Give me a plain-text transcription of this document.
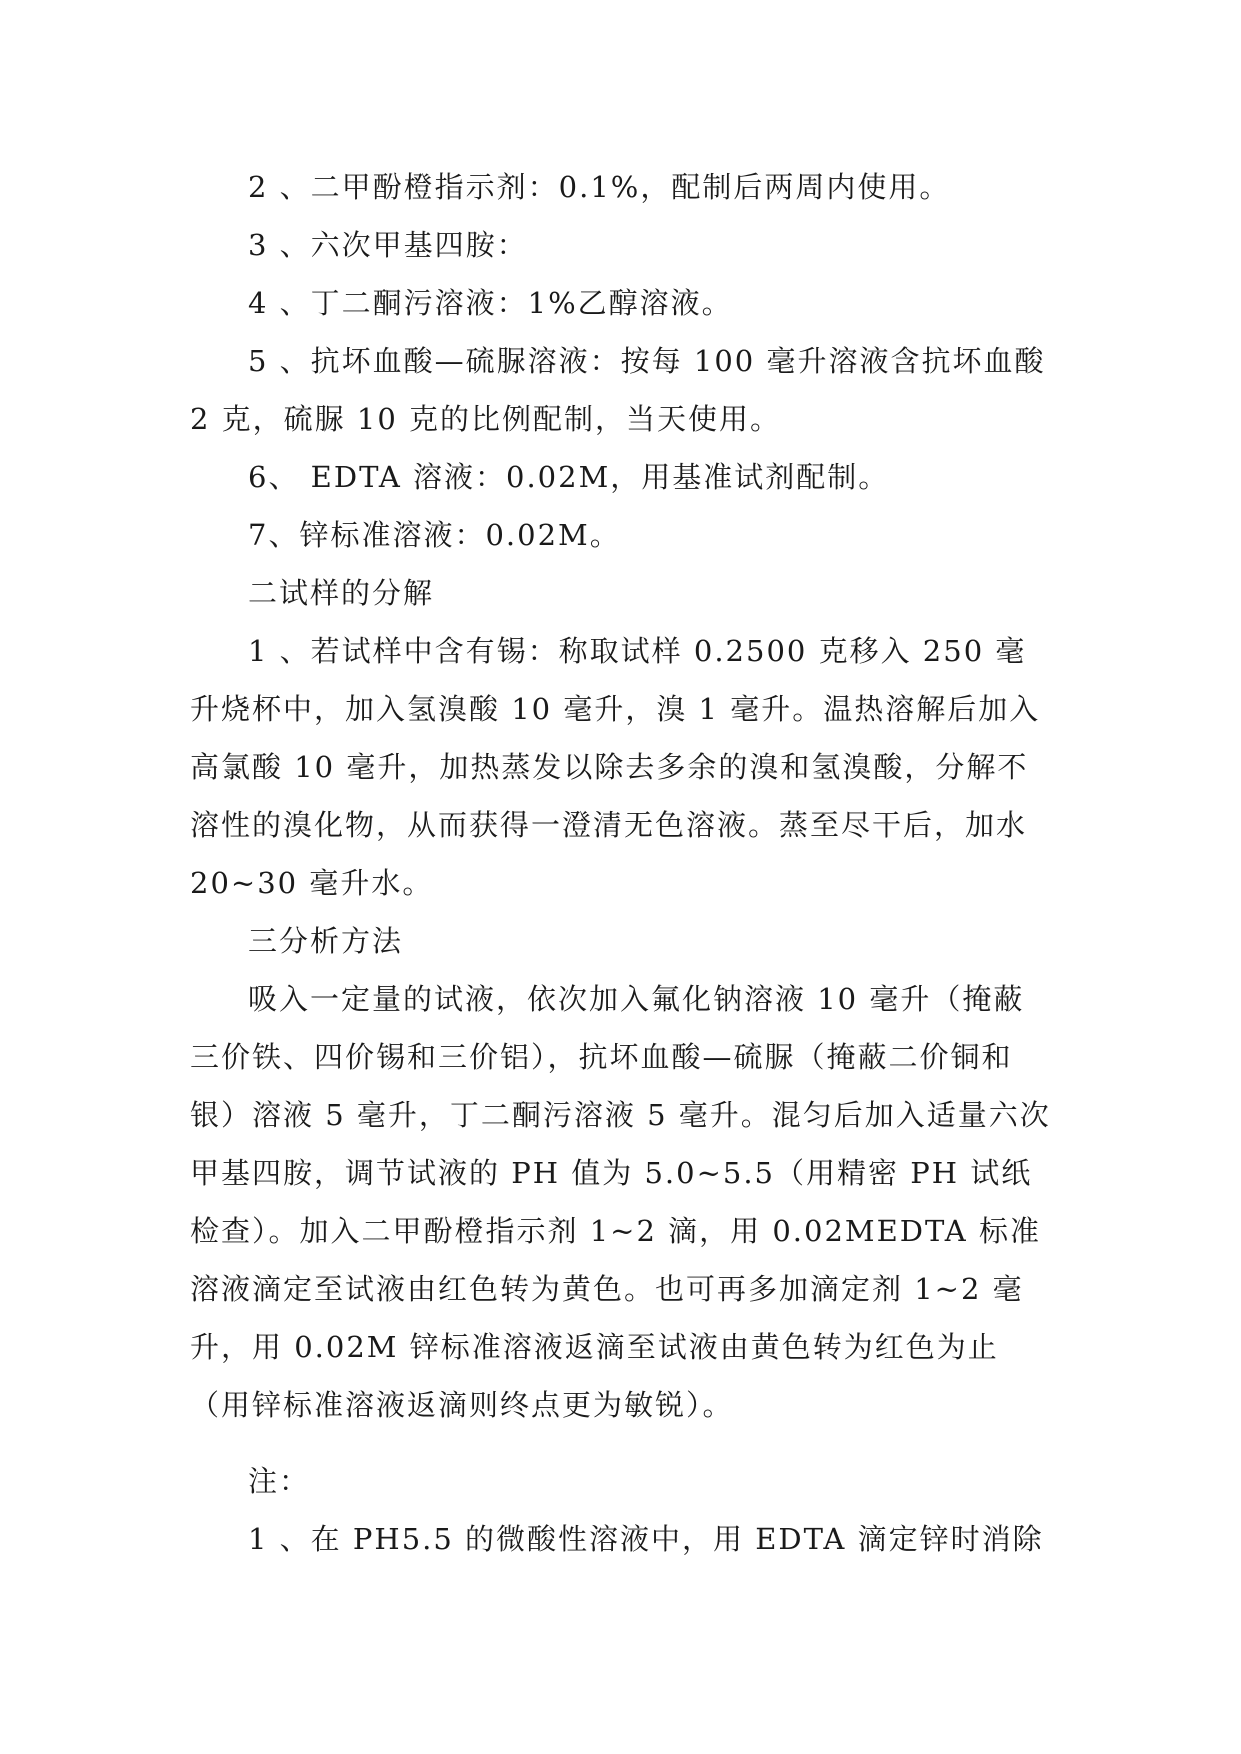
2 、二甲酚橙指示剂：0.1%，配制后两周内使用。

3 、六次甲基四胺：

4 、丁二酮污溶液：1%乙醇溶液。

5 、抗坏血酸—硫脲溶液：按每 100 毫升溶液含抗坏血酸 2 克，硫脲 10 克的比例配制，当天使用。

6、 EDTA 溶液：0.02M，用基准试剂配制。

7、锌标准溶液：0.02M。

二试样的分解

1 、若试样中含有锡：称取试样 0.2500 克移入 250 毫升烧杯中，加入氢溴酸 10 毫升，溴 1 毫升。温热溶解后加入高氯酸 10 毫升，加热蒸发以除去多余的溴和氢溴酸，分解不溶性的溴化物，从而获得一澄清无色溶液。蒸至尽干后，加水 20~30 毫升水。

三分析方法

吸入一定量的试液，依次加入氟化钠溶液 10 毫升（掩蔽三价铁、四价锡和三价铝），抗坏血酸—硫脲（掩蔽二价铜和银）溶液 5 毫升，丁二酮污溶液 5 毫升。混匀后加入适量六次甲基四胺，调节试液的 PH 值为 5.0~5.5（用精密 PH 试纸检查）。加入二甲酚橙指示剂 1~2 滴，用 0.02MEDTA 标准溶液滴定至试液由红色转为黄色。也可再多加滴定剂 1~2 毫升，用 0.02M 锌标准溶液返滴至试液由黄色转为红色为止（用锌标准溶液返滴则终点更为敏锐）。

注：

1 、在 PH5.5 的微酸性溶液中，用 EDTA 滴定锌时消除
